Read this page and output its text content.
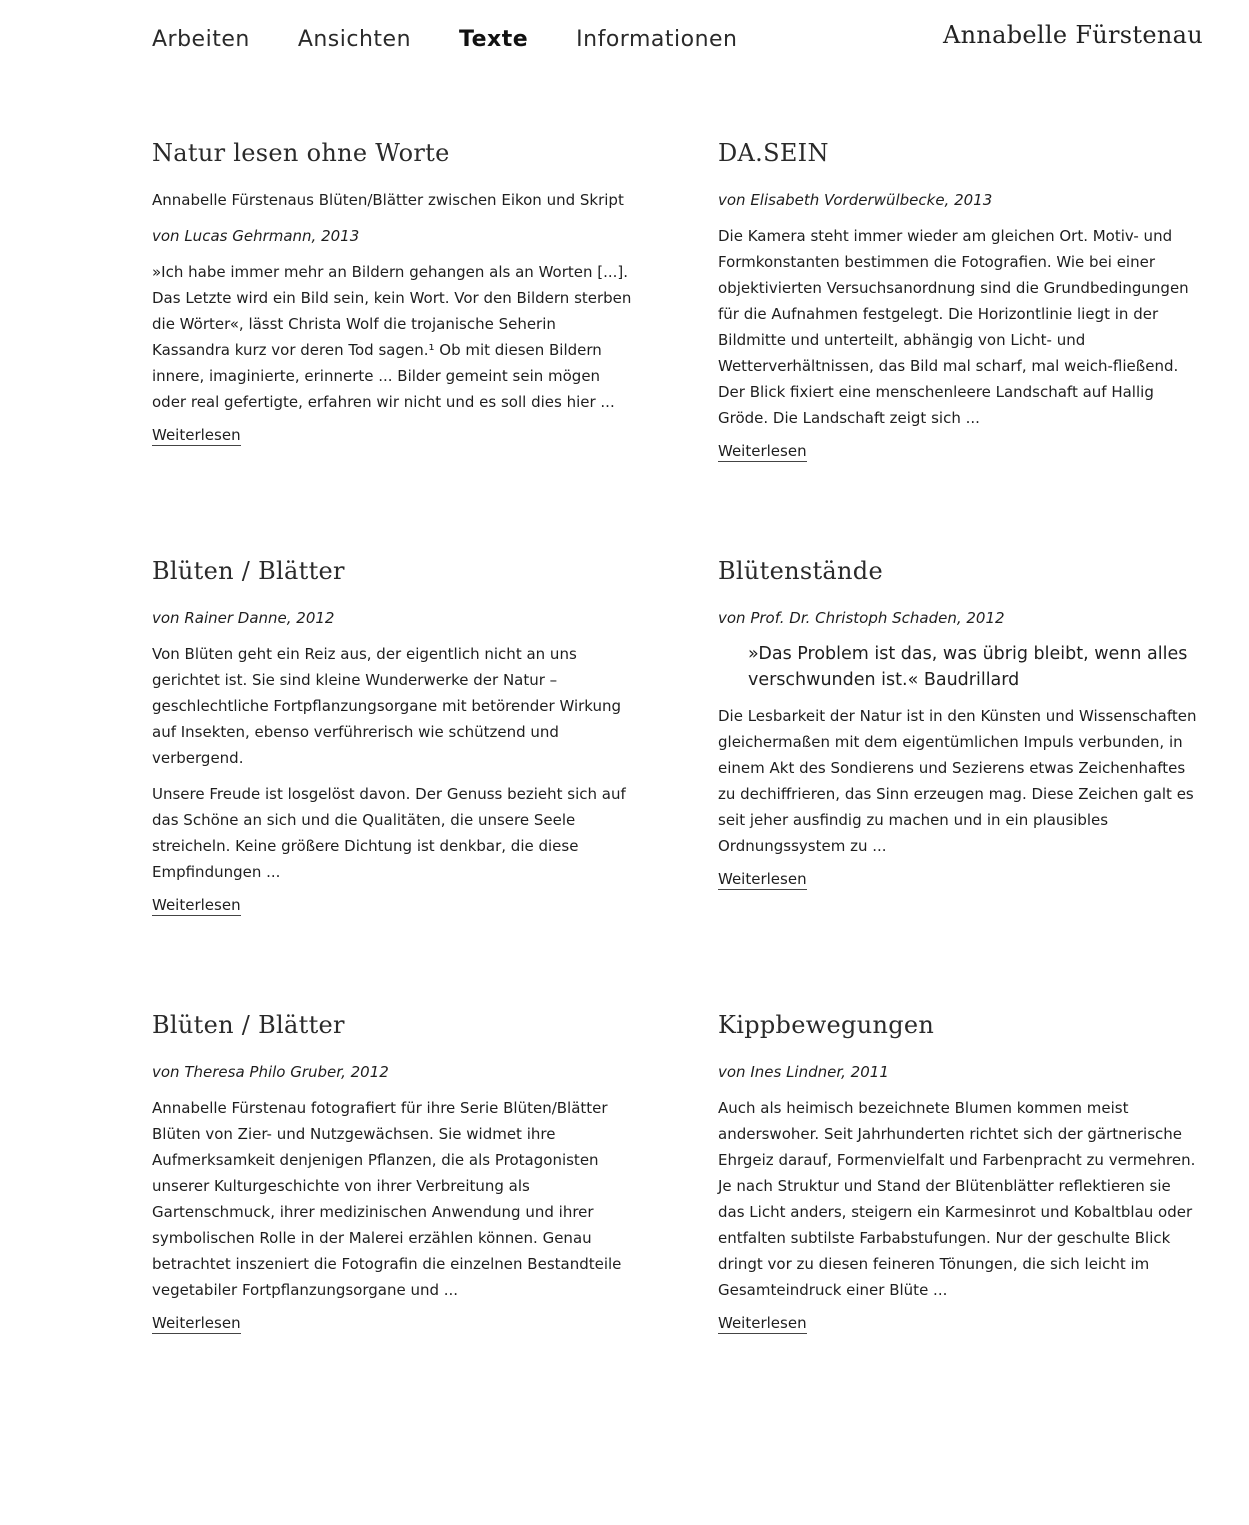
Arbeiten Ansichten Texte Informationen	Annabelle Fürstenau
Natur lesen ohne Worte
Annabelle Fürstenaus Blüten/Blätter zwischen Eikon und Skript
von Lucas Gehrmann, 2013

»Ich habe immer mehr an Bildern gehangen als an Worten [...]. Das Letzte wird ein Bild sein, kein Wort. Vor den Bildern sterben die Wörter«, lässt Christa Wolf die trojanische Seherin Kassandra kurz vor deren Tod sagen.¹ Ob mit diesen Bildern innere, imaginierte, erinnerte ... Bilder gemeint sein mögen oder real gefertigte, erfahren wir nicht und es soll dies hier ...

Weiterlesen
DA.SEIN
von Elisabeth Vorderwülbecke, 2013

Die Kamera steht immer wieder am gleichen Ort. Motiv- und Formkonstanten bestimmen die Fotografien. Wie bei einer objektivierten Versuchsanordnung sind die Grundbedingungen für die Aufnahmen festgelegt. Die Horizontlinie liegt in der Bildmitte und unterteilt, abhängig von Licht- und Wetterverhältnissen, das Bild mal scharf, mal weich-fließend. Der Blick fixiert eine menschenleere Landschaft auf Hallig Gröde. Die Landschaft zeigt sich ...

Weiterlesen
Blüten / Blätter
von Rainer Danne, 2012

Von Blüten geht ein Reiz aus, der eigentlich nicht an uns gerichtet ist. Sie sind kleine Wunderwerke der Natur – geschlechtliche Fortpflanzungsorgane mit betörender Wirkung auf Insekten, ebenso verführerisch wie schützend und verbergend.

Unsere Freude ist losgelöst davon. Der Genuss bezieht sich auf das Schöne an sich und die Qualitäten, die unsere Seele streicheln. Keine größere Dichtung ist denkbar, die diese Empfindungen ...

Weiterlesen
Blütenstände
von Prof. Dr. Christoph Schaden, 2012
»Das Problem ist das, was übrig bleibt, wenn alles verschwunden ist.« Baudrillard

Die Lesbarkeit der Natur ist in den Künsten und Wissenschaften gleichermaßen mit dem eigentümlichen Impuls verbunden, in einem Akt des Sondierens und Sezierens etwas Zeichenhaftes zu dechiffrieren, das Sinn erzeugen mag. Diese Zeichen galt es seit jeher ausfindig zu machen und in ein plausibles Ordnungssystem zu ...

Weiterlesen
Blüten / Blätter
von Theresa Philo Gruber, 2012

Annabelle Fürstenau fotografiert für ihre Serie Blüten/Blätter Blüten von Zier- und Nutzgewächsen. Sie widmet ihre Aufmerksamkeit denjenigen Pflanzen, die als Protagonisten unserer Kulturgeschichte von ihrer Verbreitung als Gartenschmuck, ihrer medizinischen Anwendung und ihrer symbolischen Rolle in der Malerei erzählen können. Genau betrachtet inszeniert die Fotografin die einzelnen Bestandteile vegetabiler Fortpflanzungsorgane und ...

Weiterlesen
Kippbewegungen
von Ines Lindner, 2011

Auch als heimisch bezeichnete Blumen kommen meist anderswoher. Seit Jahrhunderten richtet sich der gärtnerische Ehrgeiz darauf, Formenvielfalt und Farbenpracht zu vermehren. Je nach Struktur und Stand der Blütenblätter reflektieren sie das Licht anders, steigern ein Karmesinrot und Kobaltblau oder entfalten subtilste Farbabstufungen. Nur der geschulte Blick dringt vor zu diesen feineren Tönungen, die sich leicht im Gesamteindruck einer Blüte ...

Weiterlesen
